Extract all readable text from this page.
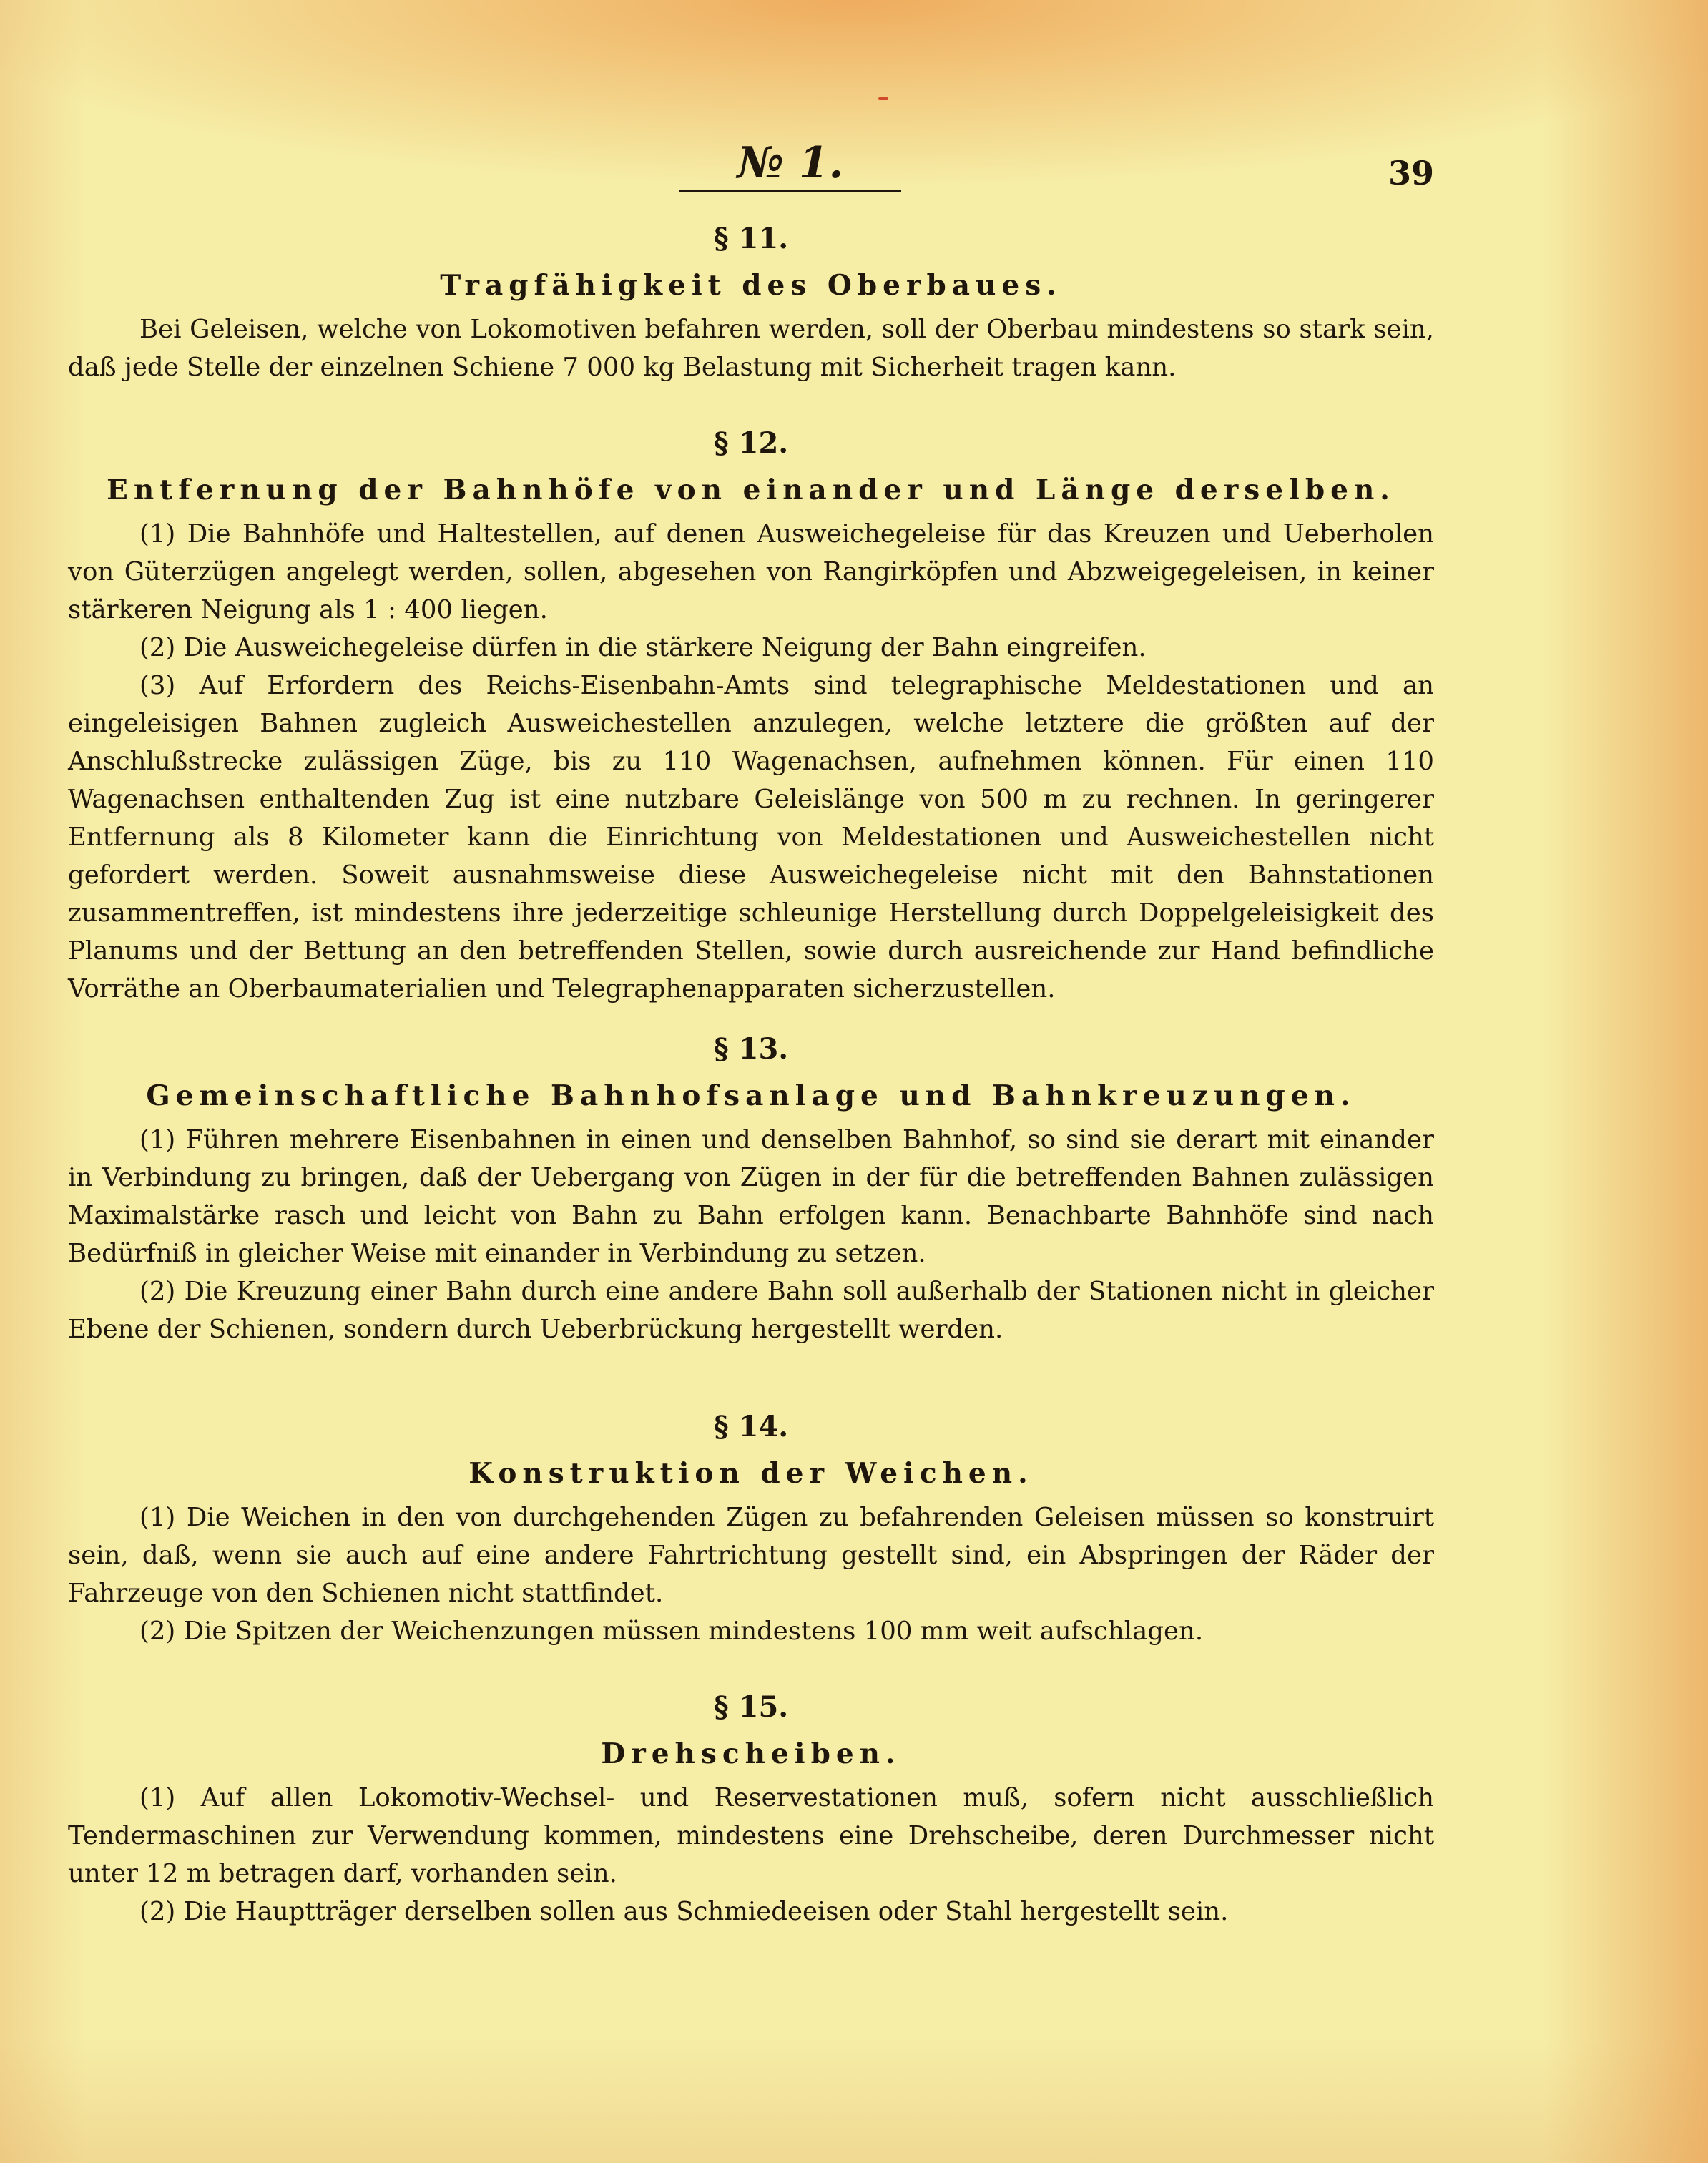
№ 1.	39

§ 11.

Tragfähigkeit des Oberbaues.

Bei Geleisen, welche von Lokomotiven befahren werden, soll der Oberbau mindestens so stark sein, daß jede Stelle der einzelnen Schiene 7 000 kg Belastung mit Sicherheit tragen kann.

§ 12.

Entfernung der Bahnhöfe von einander und Länge derselben.

(1) Die Bahnhöfe und Haltestellen, auf denen Ausweichegeleise für das Kreuzen und Ueberholen von Güterzügen angelegt werden, sollen, abgesehen von Rangirköpfen und Abzweigegeleisen, in keiner stärkeren Neigung als 1 : 400 liegen.

(2) Die Ausweichegeleise dürfen in die stärkere Neigung der Bahn eingreifen.

(3) Auf Erfordern des Reichs-Eisenbahn-Amts sind telegraphische Meldestationen und an eingeleisigen Bahnen zugleich Ausweichestellen anzulegen, welche letztere die größten auf der Anschlußstrecke zulässigen Züge, bis zu 110 Wagenachsen, aufnehmen können. Für einen 110 Wagenachsen enthaltenden Zug ist eine nutzbare Geleislänge von 500 m zu rechnen. In geringerer Entfernung als 8 Kilometer kann die Einrichtung von Meldestationen und Ausweichestellen nicht gefordert werden. Soweit ausnahmsweise diese Ausweichegeleise nicht mit den Bahnstationen zusammentreffen, ist mindestens ihre jederzeitige schleunige Herstellung durch Doppelgeleisigkeit des Planums und der Bettung an den betreffenden Stellen, sowie durch ausreichende zur Hand befindliche Vorräthe an Oberbaumaterialien und Telegraphenapparaten sicherzustellen.

§ 13.

Gemeinschaftliche Bahnhofsanlage und Bahnkreuzungen.

(1) Führen mehrere Eisenbahnen in einen und denselben Bahnhof, so sind sie derart mit einander in Verbindung zu bringen, daß der Uebergang von Zügen in der für die betreffenden Bahnen zulässigen Maximalstärke rasch und leicht von Bahn zu Bahn erfolgen kann. Benachbarte Bahnhöfe sind nach Bedürfniß in gleicher Weise mit einander in Verbindung zu setzen.

(2) Die Kreuzung einer Bahn durch eine andere Bahn soll außerhalb der Stationen nicht in gleicher Ebene der Schienen, sondern durch Ueberbrückung hergestellt werden.

§ 14.

Konstruktion der Weichen.

(1) Die Weichen in den von durchgehenden Zügen zu befahrenden Geleisen müssen so konstruirt sein, daß, wenn sie auch auf eine andere Fahrtrichtung gestellt sind, ein Abspringen der Räder der Fahrzeuge von den Schienen nicht stattfindet.

(2) Die Spitzen der Weichenzungen müssen mindestens 100 mm weit aufschlagen.

§ 15.

Drehscheiben.

(1) Auf allen Lokomotiv-Wechsel- und Reservestationen muß, sofern nicht ausschließlich Tendermaschinen zur Verwendung kommen, mindestens eine Drehscheibe, deren Durchmesser nicht unter 12 m betragen darf, vorhanden sein.

(2) Die Hauptträger derselben sollen aus Schmiedeeisen oder Stahl hergestellt sein.
